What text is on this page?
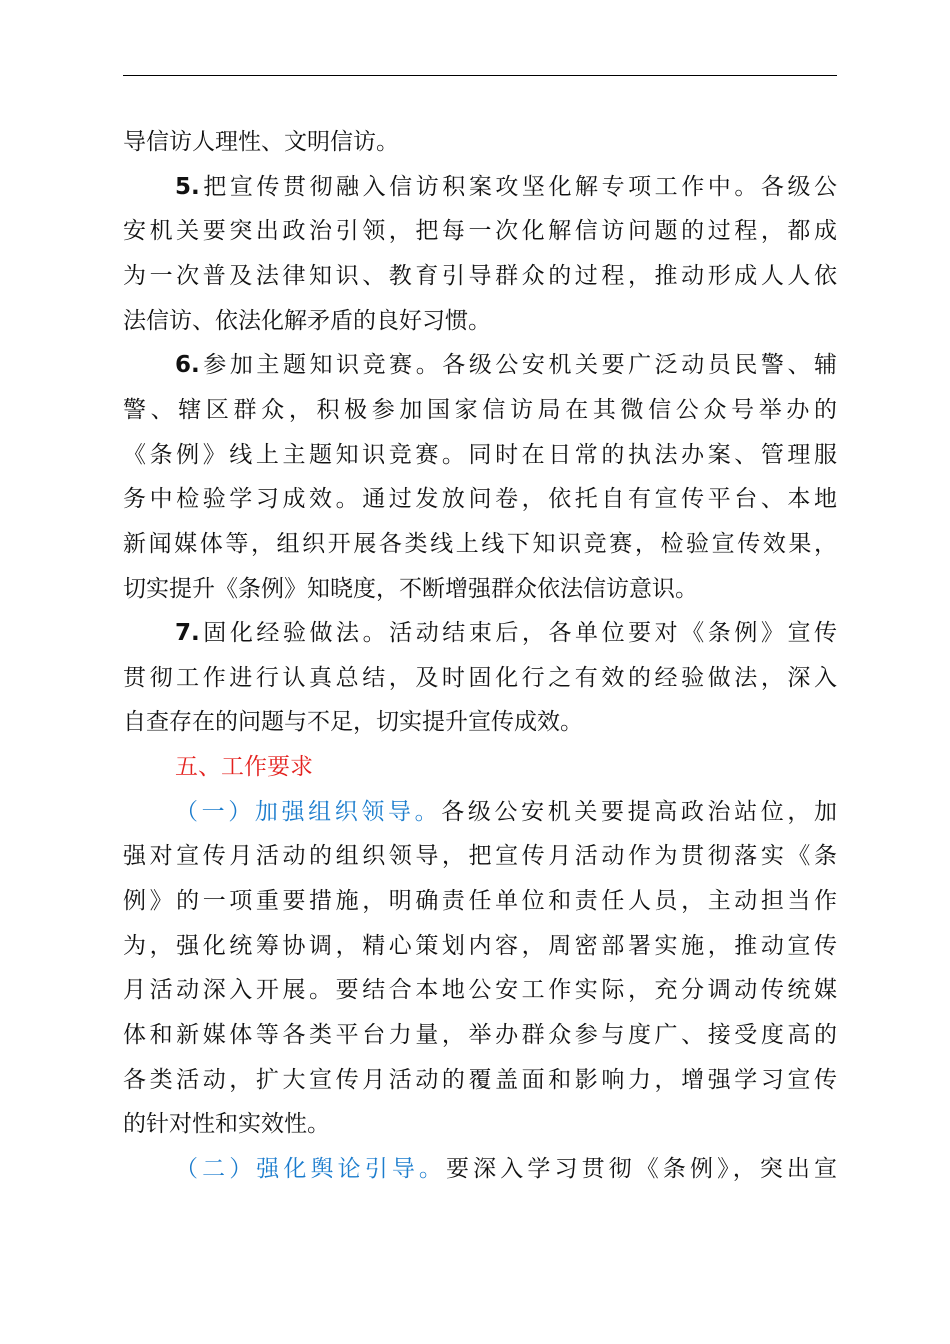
导信访人理性、文明信访。
5.把宣传贯彻融入信访积案攻坚化解专项工作中。各级公
安机关要突出政治引领，把每一次化解信访问题的过程，都成
为一次普及法律知识、教育引导群众的过程，推动形成人人依
法信访、依法化解矛盾的良好习惯。
6.参加主题知识竞赛。各级公安机关要广泛动员民警、辅
警、辖区群众，积极参加国家信访局在其微信公众号举办的
《条例》线上主题知识竞赛。同时在日常的执法办案、管理服
务中检验学习成效。通过发放问卷，依托自有宣传平台、本地
新闻媒体等，组织开展各类线上线下知识竞赛，检验宣传效果，
切实提升《条例》知晓度，不断增强群众依法信访意识。
7.固化经验做法。活动结束后，各单位要对《条例》宣传
贯彻工作进行认真总结，及时固化行之有效的经验做法，深入
自查存在的问题与不足，切实提升宣传成效。
五、工作要求
（一）加强组织领导。各级公安机关要提高政治站位，加
强对宣传月活动的组织领导，把宣传月活动作为贯彻落实《条
例》的一项重要措施，明确责任单位和责任人员，主动担当作
为，强化统筹协调，精心策划内容，周密部署实施，推动宣传
月活动深入开展。要结合本地公安工作实际，充分调动传统媒
体和新媒体等各类平台力量，举办群众参与度广、接受度高的
各类活动，扩大宣传月活动的覆盖面和影响力，增强学习宣传
的针对性和实效性。
（二）强化舆论引导。要深入学习贯彻《条例》，突出宣
